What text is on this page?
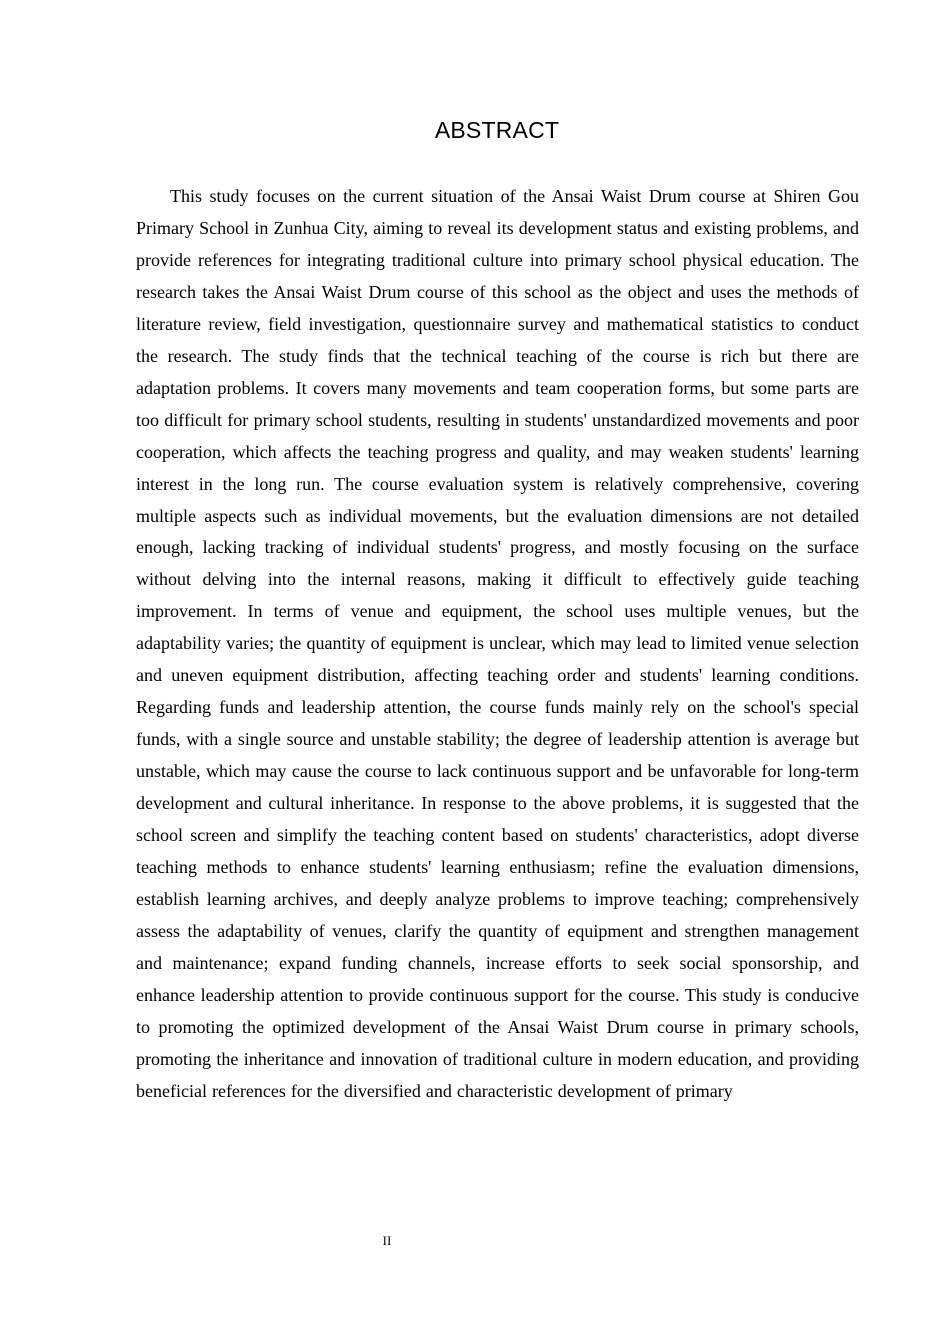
ABSTRACT

This study focuses on the current situation of the Ansai Waist Drum course at Shiren Gou Primary School in Zunhua City, aiming to reveal its development status and existing problems, and provide references for integrating traditional culture into primary school physical education. The research takes the Ansai Waist Drum course of this school as the object and uses the methods of literature review, field investigation, questionnaire survey and mathematical statistics to conduct the research. The study finds that the technical teaching of the course is rich but there are adaptation problems. It covers many movements and team cooperation forms, but some parts are too difficult for primary school students, resulting in students' unstandardized movements and poor cooperation, which affects the teaching progress and quality, and may weaken students' learning interest in the long run. The course evaluation system is relatively comprehensive, covering multiple aspects such as individual movements, but the evaluation dimensions are not detailed enough, lacking tracking of individual students' progress, and mostly focusing on the surface without delving into the internal reasons, making it difficult to effectively guide teaching improvement. In terms of venue and equipment, the school uses multiple venues, but the adaptability varies; the quantity of equipment is unclear, which may lead to limited venue selection and uneven equipment distribution, affecting teaching order and students' learning conditions. Regarding funds and leadership attention, the course funds mainly rely on the school's special funds, with a single source and unstable stability; the degree of leadership attention is average but unstable, which may cause the course to lack continuous support and be unfavorable for long-term development and cultural inheritance. In response to the above problems, it is suggested that the school screen and simplify the teaching content based on students' characteristics, adopt diverse teaching methods to enhance students' learning enthusiasm; refine the evaluation dimensions, establish learning archives, and deeply analyze problems to improve teaching; comprehensively assess the adaptability of venues, clarify the quantity of equipment and strengthen management and maintenance; expand funding channels, increase efforts to seek social sponsorship, and enhance leadership attention to provide continuous support for the course. This study is conducive to promoting the optimized development of the Ansai Waist Drum course in primary schools, promoting the inheritance and innovation of traditional culture in modern education, and providing beneficial references for the diversified and characteristic development of primary

II
